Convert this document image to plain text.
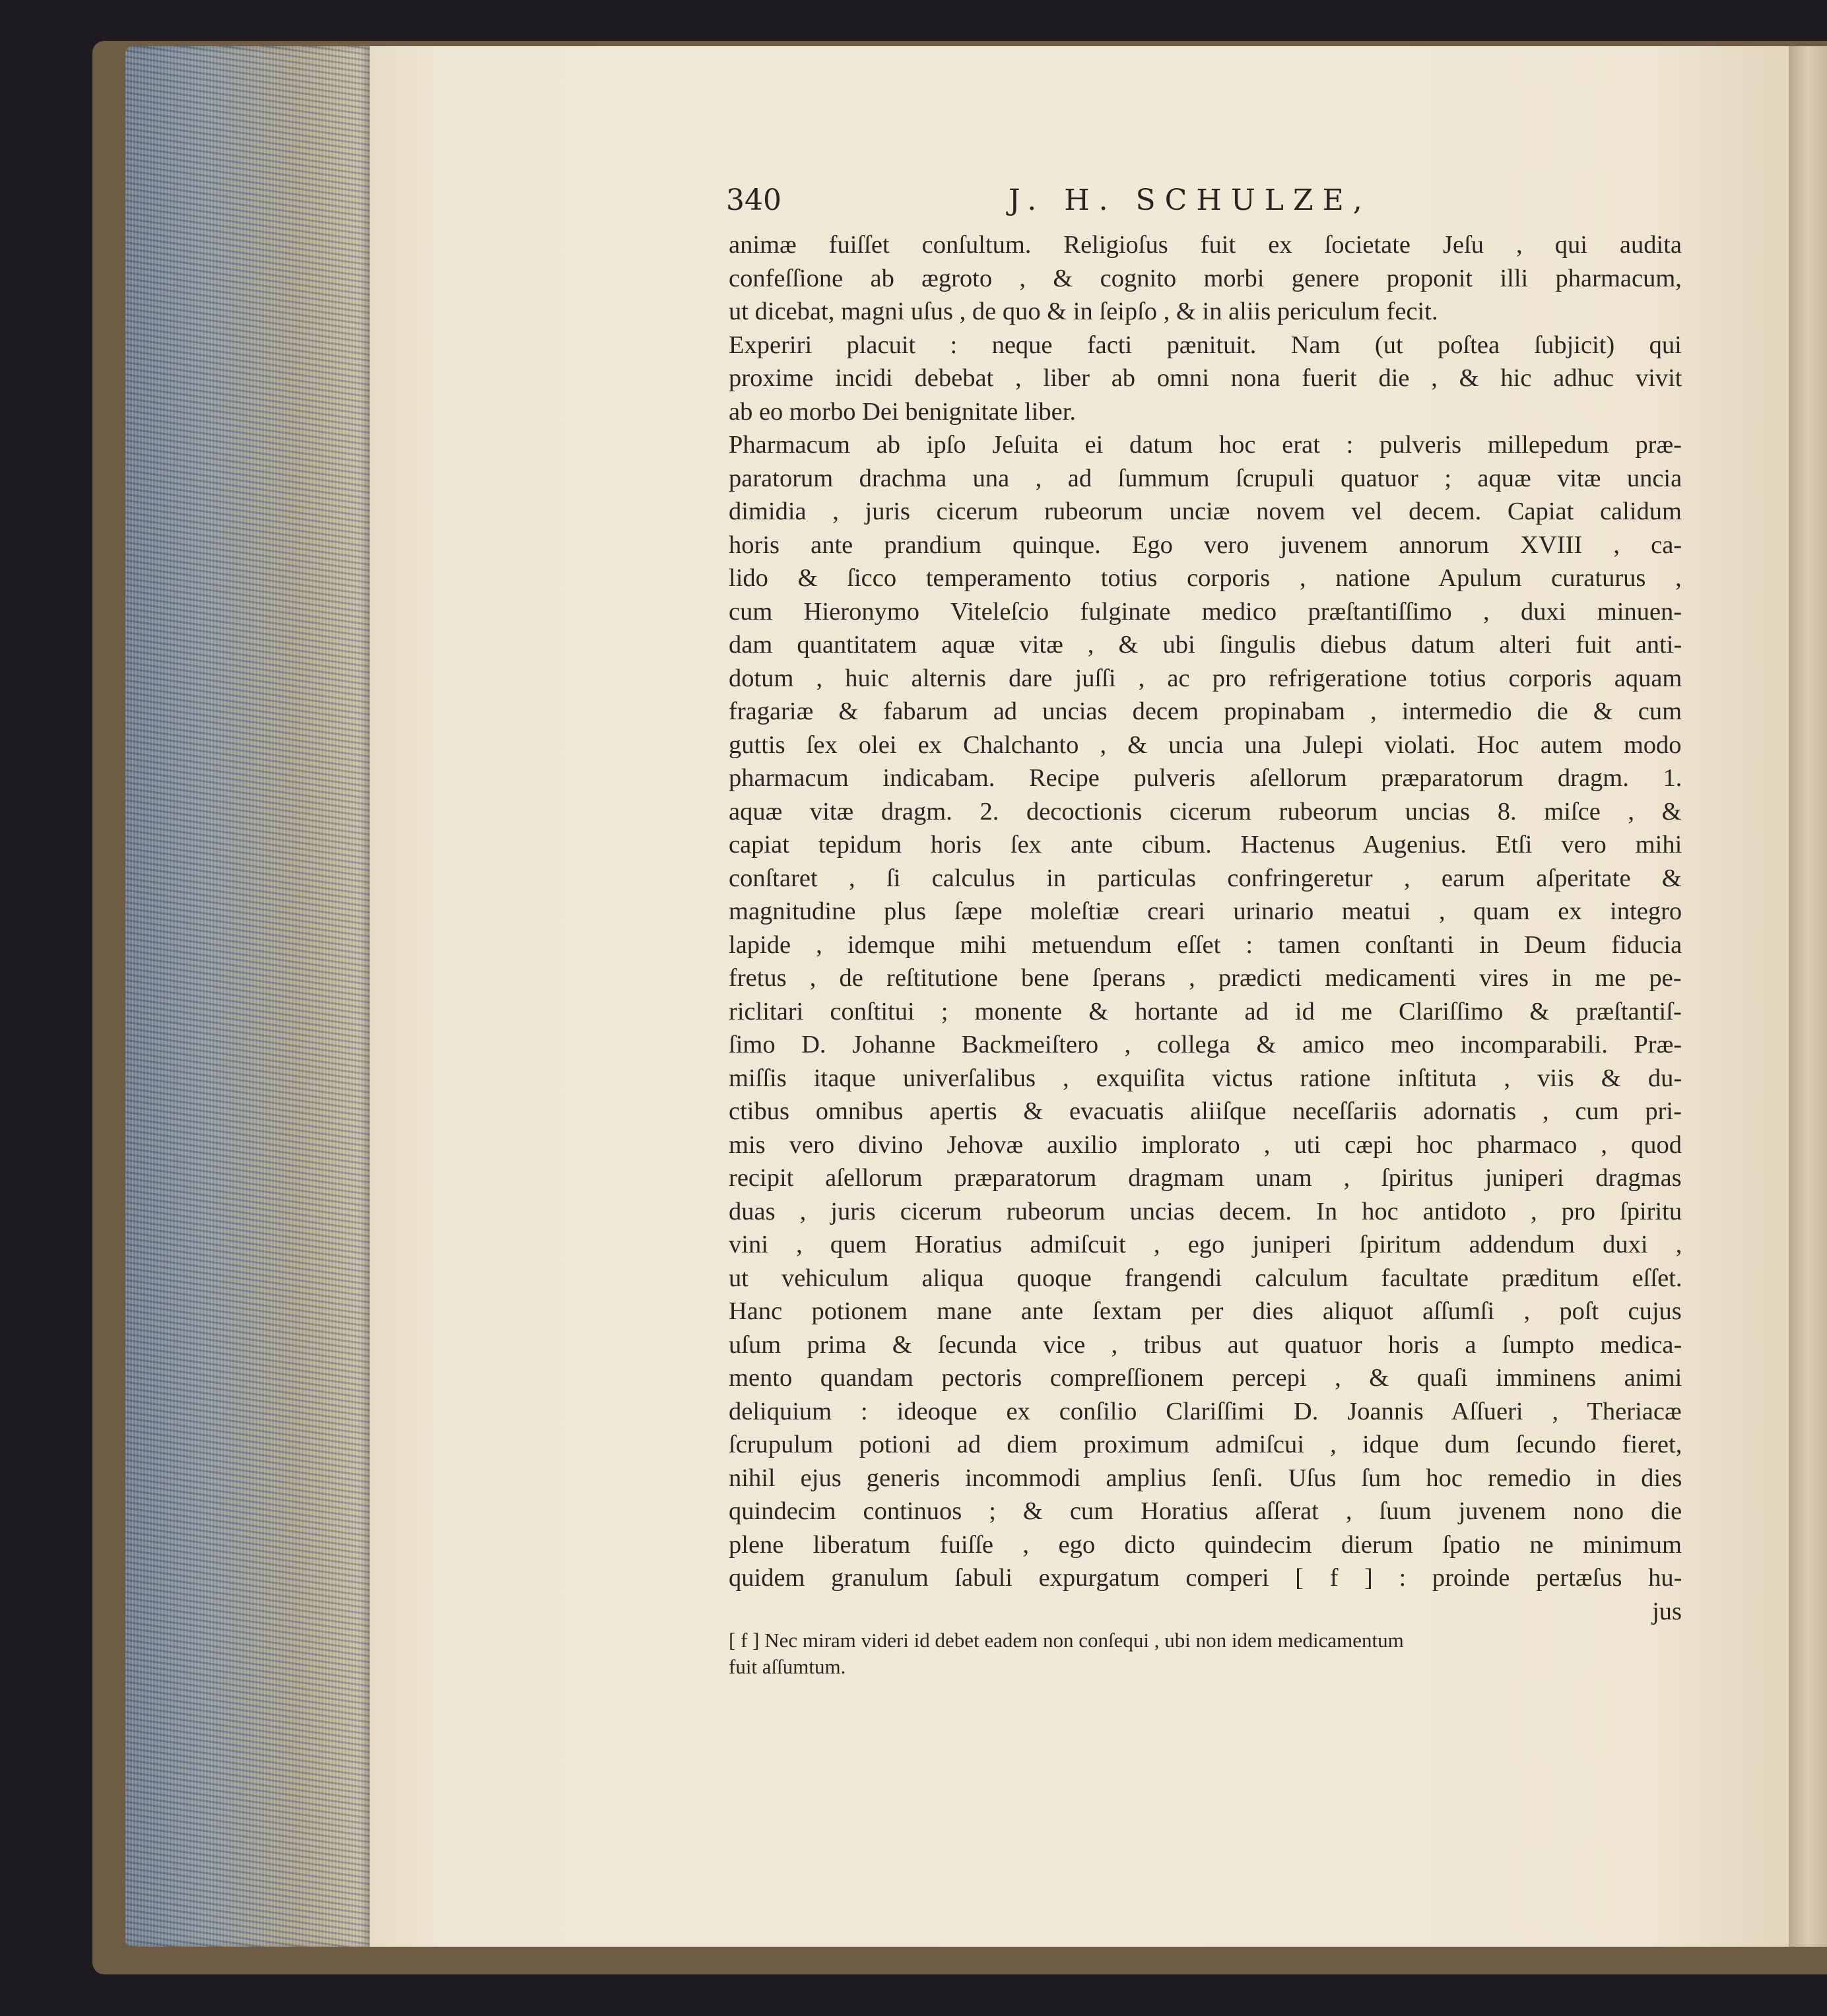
340	J. H. SCHULZE,
animæ fuiſſet conſultum. Religioſus fuit ex ſocietate Jeſu , qui audita
confeſſione ab ægroto , & cognito morbi genere proponit illi pharmacum,
ut dicebat, magni uſus , de quo & in ſeipſo , & in aliis periculum fecit.
Experiri placuit : neque facti pænituit. Nam (ut poſtea ſubjicit) qui
proxime incidi debebat , liber ab omni nona fuerit die , & hic adhuc vivit
ab eo morbo Dei benignitate liber.
Pharmacum ab ipſo Jeſuita ei datum hoc erat : pulveris millepedum præ-
paratorum drachma una , ad ſummum ſcrupuli quatuor ; aquæ vitæ uncia
dimidia , juris cicerum rubeorum unciæ novem vel decem. Capiat calidum
horis ante prandium quinque. Ego vero juvenem annorum XVIII , ca-
lido & ſicco temperamento totius corporis , natione Apulum curaturus ,
cum Hieronymo Viteleſcio fulginate medico præſtantiſſimo , duxi minuen-
dam quantitatem aquæ vitæ , & ubi ſingulis diebus datum alteri fuit anti-
dotum , huic alternis dare juſſi , ac pro refrigeratione totius corporis aquam
fragariæ & fabarum ad uncias decem propinabam , intermedio die & cum
guttis ſex olei ex Chalchanto , & uncia una Julepi violati. Hoc autem modo
pharmacum indicabam. Recipe pulveris aſellorum præparatorum dragm. 1.
aquæ vitæ dragm. 2. decoctionis cicerum rubeorum uncias 8. miſce , &
capiat tepidum horis ſex ante cibum. Hactenus Augenius. Etſi vero mihi
conſtaret , ſi calculus in particulas confringeretur , earum aſperitate &
magnitudine plus ſæpe moleſtiæ creari urinario meatui , quam ex integro
lapide , idemque mihi metuendum eſſet : tamen conſtanti in Deum fiducia
fretus , de reſtitutione bene ſperans , prædicti medicamenti vires in me pe-
riclitari conſtitui ; monente & hortante ad id me Clariſſimo & præſtantiſ-
ſimo D. Johanne Backmeiſtero , collega & amico meo incomparabili. Præ-
miſſis itaque univerſalibus , exquiſita victus ratione inſtituta , viis & du-
ctibus omnibus apertis & evacuatis aliiſque neceſſariis adornatis , cum pri-
mis vero divino Jehovæ auxilio implorato , uti cæpi hoc pharmaco , quod
recipit aſellorum præparatorum dragmam unam , ſpiritus juniperi dragmas
duas , juris cicerum rubeorum uncias decem. In hoc antidoto , pro ſpiritu
vini , quem Horatius admiſcuit , ego juniperi ſpiritum addendum duxi ,
ut vehiculum aliqua quoque frangendi calculum facultate præditum eſſet.
Hanc potionem mane ante ſextam per dies aliquot aſſumſi , poſt cujus
uſum prima & ſecunda vice , tribus aut quatuor horis a ſumpto medica-
mento quandam pectoris compreſſionem percepi , & quaſi imminens animi
deliquium : ideoque ex conſilio Clariſſimi D. Joannis Aſſueri , Theriacæ
ſcrupulum potioni ad diem proximum admiſcui , idque dum ſecundo fieret,
nihil ejus generis incommodi amplius ſenſi. Uſus ſum hoc remedio in dies
quindecim continuos ; & cum Horatius aſſerat , ſuum juvenem nono die
plene liberatum fuiſſe , ego dicto quindecim dierum ſpatio ne minimum
quidem granulum ſabuli expurgatum comperi [ f ] : proinde pertæſus hu-
jus
[ f ] Nec miram videri id debet eadem non conſequi , ubi non idem medicamentum
fuit aſſumtum.
